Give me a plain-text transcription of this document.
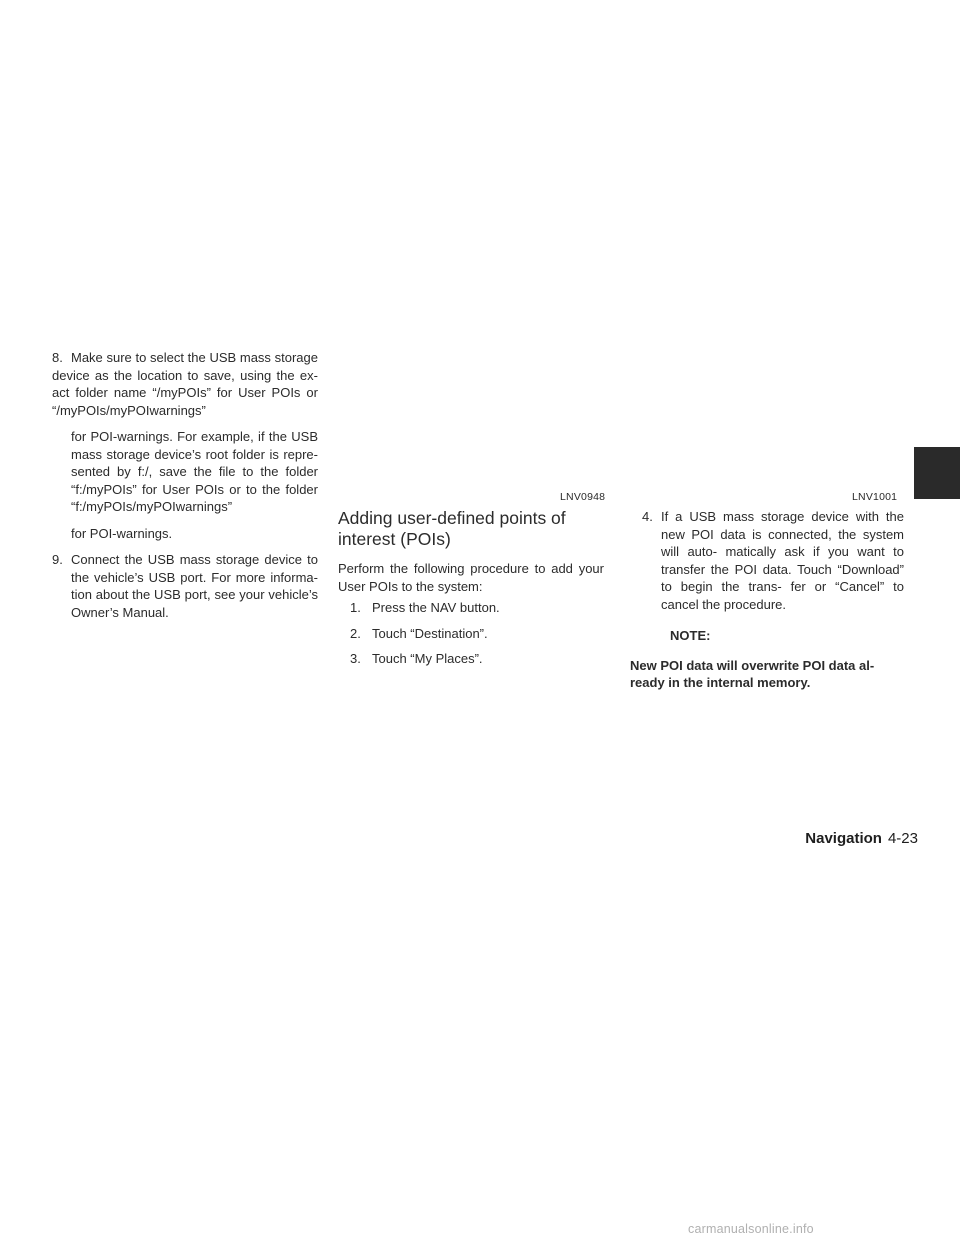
8. Make sure to select the USB mass storage device as the location to save, using the ex- act folder name “/myPOIs” for User POIs or “/myPOIs/myPOIwarnings”
for POI-warnings. For example, if the USB mass storage device’s root folder is repre- sented by f:/, save the file to the folder “f:/myPOIs” for User POIs or to the folder “f:/myPOIs/myPOIwarnings”
for POI-warnings.
9. Connect the USB mass storage device to the vehicle’s USB port. For more informa- tion about the USB port, see your vehicle’s Owner’s Manual.
LNV0948	LNV1001
Adding user-defined points of interest (POIs)
Perform the following procedure to add your User POIs to the system:
1. Press the NAV button.
2. Touch “Destination”.
3. Touch “My Places”.
4. If a USB mass storage device with the new POI data is connected, the system will auto- matically ask if you want to transfer the POI data. Touch “Download” to begin the trans- fer or “Cancel” to cancel the procedure.
NOTE:
New POI data will overwrite POI data al- ready in the internal memory.
Navigation 4-23
carmanualsonline.info
